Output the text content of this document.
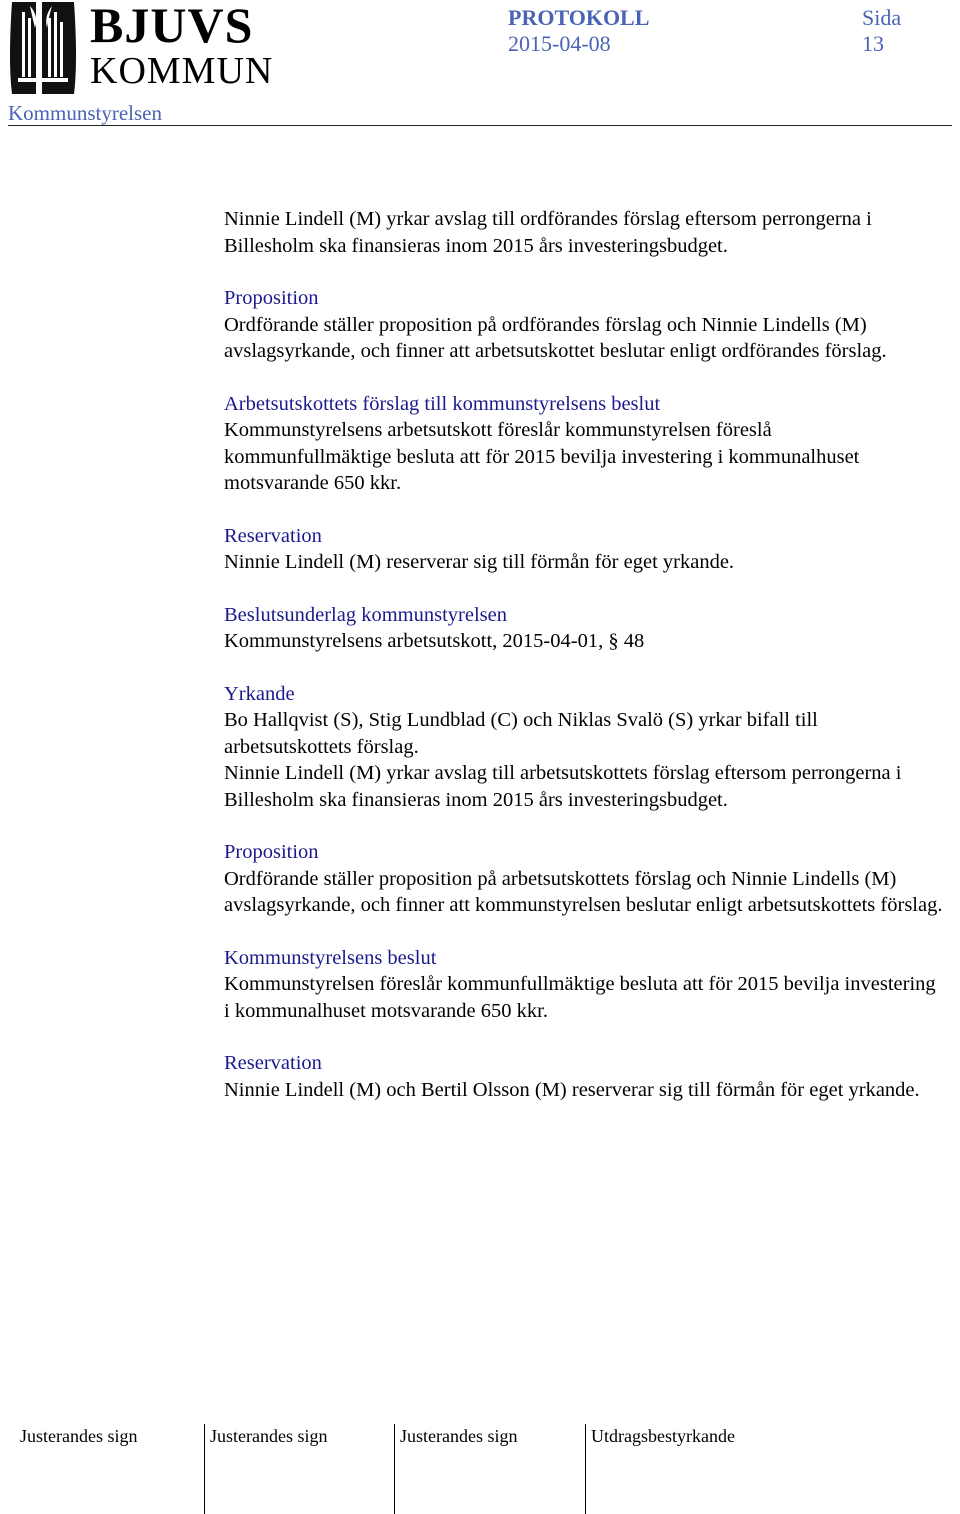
BJUVS
KOMMUN
PROTOKOLL
2015-04-08
Sida
13
Kommunstyrelsen

Ninnie Lindell (M) yrkar avslag till ordförandes förslag eftersom perrongerna i Billesholm ska finansieras inom 2015 års investeringsbudget.

Proposition

Ordförande ställer proposition på ordförandes förslag och Ninnie Lindells (M) avslagsyrkande, och finner att arbetsutskottet beslutar enligt ordförandes förslag.

Arbetsutskottets förslag till kommunstyrelsens beslut

Kommunstyrelsens arbetsutskott föreslår kommunstyrelsen föreslå kommunfullmäktige besluta att för 2015 bevilja investering i kommunalhuset motsvarande 650 kkr.

Reservation

Ninnie Lindell (M) reserverar sig till förmån för eget yrkande.

Beslutsunderlag kommunstyrelsen

Kommunstyrelsens arbetsutskott, 2015-04-01, § 48

Yrkande

Bo Hallqvist (S), Stig Lundblad (C) och Niklas Svalö (S) yrkar bifall till arbetsutskottets förslag.

Ninnie Lindell (M) yrkar avslag till arbetsutskottets förslag eftersom perrongerna i Billesholm ska finansieras inom 2015 års investeringsbudget.

Proposition

Ordförande ställer proposition på arbetsutskottets förslag och Ninnie Lindells (M) avslagsyrkande, och finner att kommunstyrelsen beslutar enligt arbetsutskottets förslag.

Kommunstyrelsens beslut

Kommunstyrelsen föreslår kommunfullmäktige besluta att för 2015 bevilja investering i kommunalhuset motsvarande 650 kkr.

Reservation

Ninnie Lindell (M) och Bertil Olsson (M) reserverar sig till förmån för eget yrkande.

Justerandes sign	Justerandes sign	Justerandes sign	Utdragsbestyrkande
